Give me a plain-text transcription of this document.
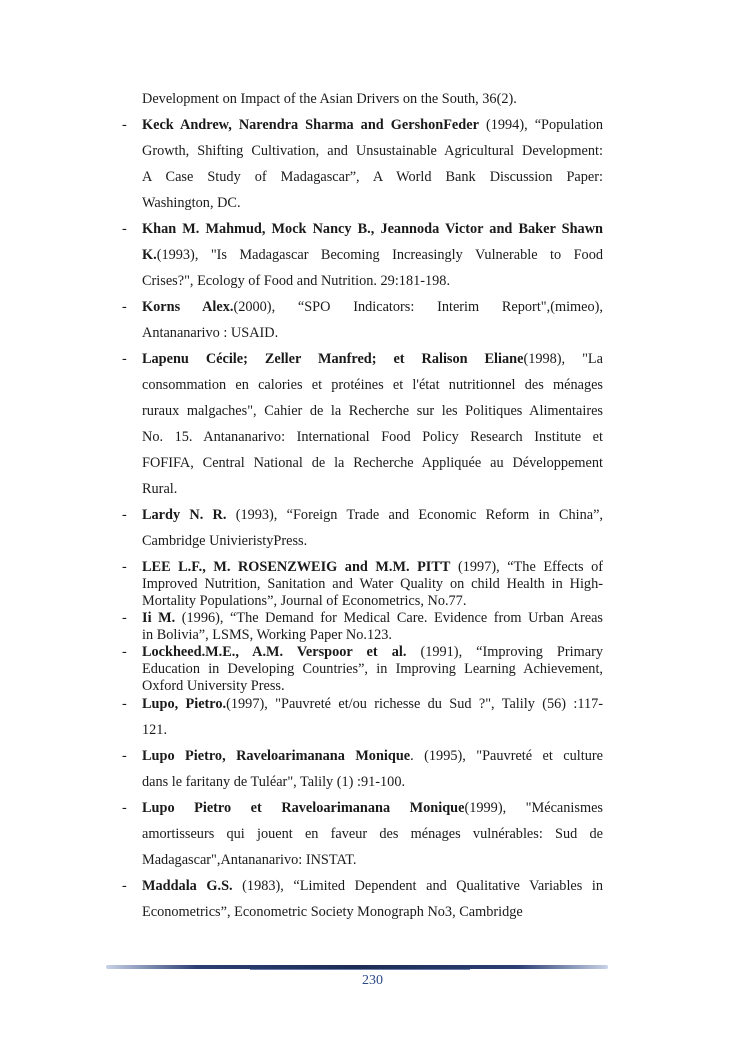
Development on Impact of the Asian Drivers on the South, 36(2).
- Keck Andrew, Narendra Sharma and GershonFeder (1994), “Population
Growth, Shifting Cultivation, and Unsustainable Agricultural Development:
A Case Study of Madagascar”, A World Bank Discussion Paper:
Washington, DC.
- Khan M. Mahmud, Mock Nancy B., Jeannoda Victor and Baker Shawn
K.(1993), "Is Madagascar Becoming Increasingly Vulnerable to Food
Crises?", Ecology of Food and Nutrition. 29:181-198.
- Korns Alex.(2000), “SPO Indicators: Interim Report",(mimeo),
Antananarivo : USAID.
- Lapenu Cécile; Zeller Manfred; et Ralison Eliane(1998), "La
consommation en calories et protéines et l'état nutritionnel des ménages
ruraux malgaches", Cahier de la Recherche sur les Politiques Alimentaires
No. 15. Antananarivo: International Food Policy Research Institute et
FOFIFA, Central National de la Recherche Appliquée au Développement
Rural.
- Lardy N. R. (1993), “Foreign Trade and Economic Reform in China”,
Cambridge UnivieristyPress.
- LEE L.F., M. ROSENZWEIG and M.M. PITT (1997), “The Effects of
Improved Nutrition, Sanitation and Water Quality on child Health in High-
Mortality Populations”, Journal of Econometrics, No.77.
- Ii M. (1996), “The Demand for Medical Care. Evidence from Urban Areas
in Bolivia”, LSMS, Working Paper No.123.
- Lockheed.M.E., A.M. Verspoor et al. (1991), “Improving Primary
Education in Developing Countries”, in Improving Learning Achievement,
Oxford University Press.
- Lupo, Pietro.(1997), "Pauvreté et/ou richesse du Sud ?", Talily (56) :117-
121.
- Lupo Pietro, Raveloarimanana Monique. (1995), "Pauvreté et culture
dans le faritany de Tuléar", Talily (1) :91-100.
- Lupo Pietro et Raveloarimanana Monique(1999), "Mécanismes
amortisseurs qui jouent en faveur des ménages vulnérables: Sud de
Madagascar",Antananarivo: INSTAT.
- Maddala G.S. (1983), “Limited Dependent and Qualitative Variables in
Econometrics”, Econometric Society Monograph No3, Cambridge
230
